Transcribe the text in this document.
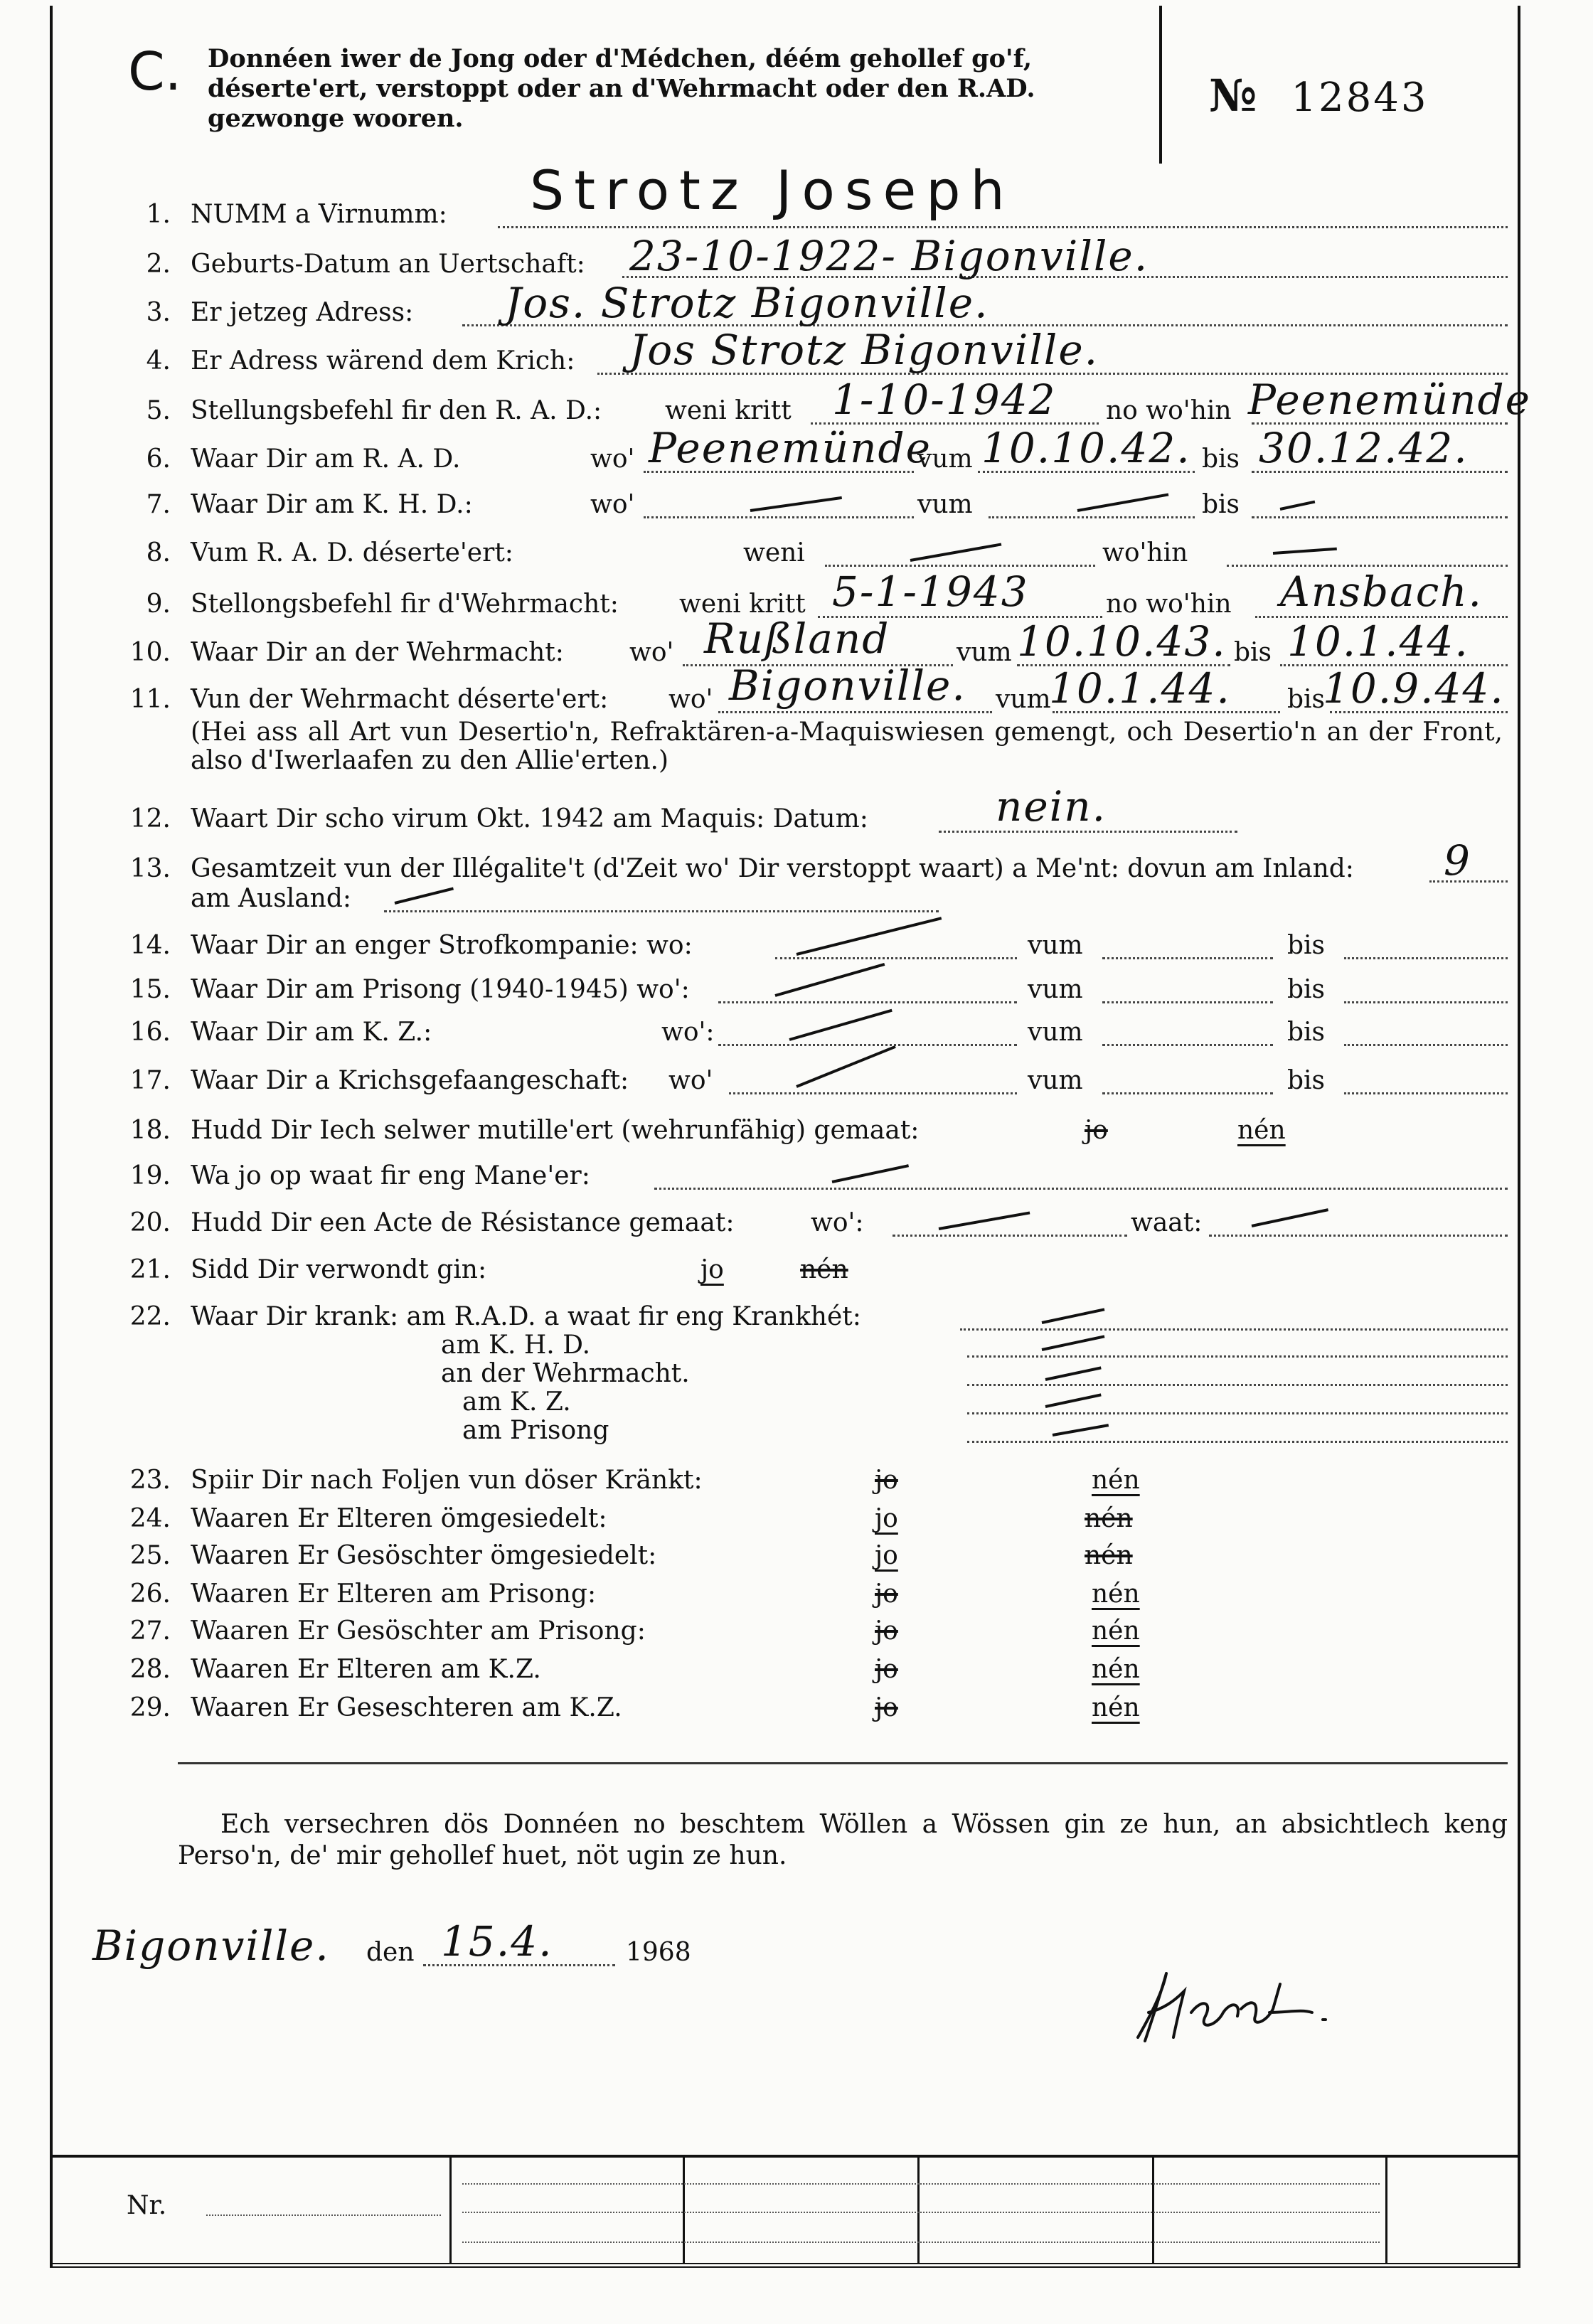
C. Donnéen iwer de Jong oder d'Médchen, déém gehollef go'f, déserte'ert, verstoppt oder an d'Wehrmacht oder den R.AD. gezwonge wooren.	№ 12843
1. NUMM a Virnumm: Strotz Joseph
2. Geburts-Datum an Uertschaft: 23-10-1922- Bigonville.
3. Er jetzeg Adress: Jos. Strotz Bigonville.
4. Er Adress wärend dem Krich: Jos Strotz Bigonville.
5. Stellungsbefehl fir den R. A. D.: weni kritt	no wo'hin
1-10-1942	Peenemünde
6. Waar Dir am R. A. D.	wo'	vum	bis
Peenemünde 10.10.42. 30.12.42.
7. Waar Dir am K. H. D.:	wo'	vum	bis
8. Vum R. A. D. déserte'ert:	weni	wo'hin
9. Stellongsbefehl fir d'Wehrmacht: weni kritt	no wo'hin
5-1-1943	Ansbach.
10. Waar Dir an der Wehrmacht:	wo'	vum	bis
Rußland	10.10.43. 10.1.44.
11. Vun der Wehrmacht déserte'ert: wo'	vum	bis
Bigonville. 10.1.44. 10.9.44.
(Hei ass all Art vun Desertio'n, Refraktären-a-Maquiswiesen gemengt, och Desertio'n an der Front, also d'Iwerlaafen zu den Allie'erten.)
12. Waart Dir scho virum Okt. 1942 am Maquis: Datum:	nein.
13. Gesamtzeit vun der Illégalite't (d'Zeit wo' Dir verstoppt waart) a Me'nt: dovun am Inland: 9
am Ausland:
14. Waar Dir an enger Strofkompanie: wo:	vum	bis
15. Waar Dir am Prisong (1940-1945) wo':	vum	bis
16. Waar Dir am K. Z.:	wo':	vum	bis
17. Waar Dir a Krichsgefaangeschaft: wo'	vum	bis
18. Hudd Dir Iech selwer mutille'ert (wehrunfähig) gemaat:	jo	nén
19. Wa jo op waat fir eng Mane'er:
20. Hudd Dir een Acte de Résistance gemaat:	wo':	waat:
21. Sidd Dir verwondt gin:	jo	nén
22. Waar Dir krank: am R.A.D. a waat fir eng Krankhét:
am K. H. D.
an der Wehrmacht.
am K. Z.
am Prisong
23. Spiir Dir nach Foljen vun döser Kränkt:	jo	nén
24. Waaren Er Elteren ömgesiedelt:	jo	nén
25. Waaren Er Gesöschter ömgesiedelt:	jo	nén
26. Waaren Er Elteren am Prisong:	jo	nén
27. Waaren Er Gesöschter am Prisong:	jo	nén
28. Waaren Er Elteren am K.Z.	jo	nén
29. Waaren Er Geseschteren am K.Z.	jo	nén
Ech versechren dös Donnéen no beschtem Wöllen a Wössen gin ze hun, an absichtlech keng Perso'n, de' mir gehollef huet, nöt ugin ze hun.
Bigonville. den 15.4.	1968
Nr.
